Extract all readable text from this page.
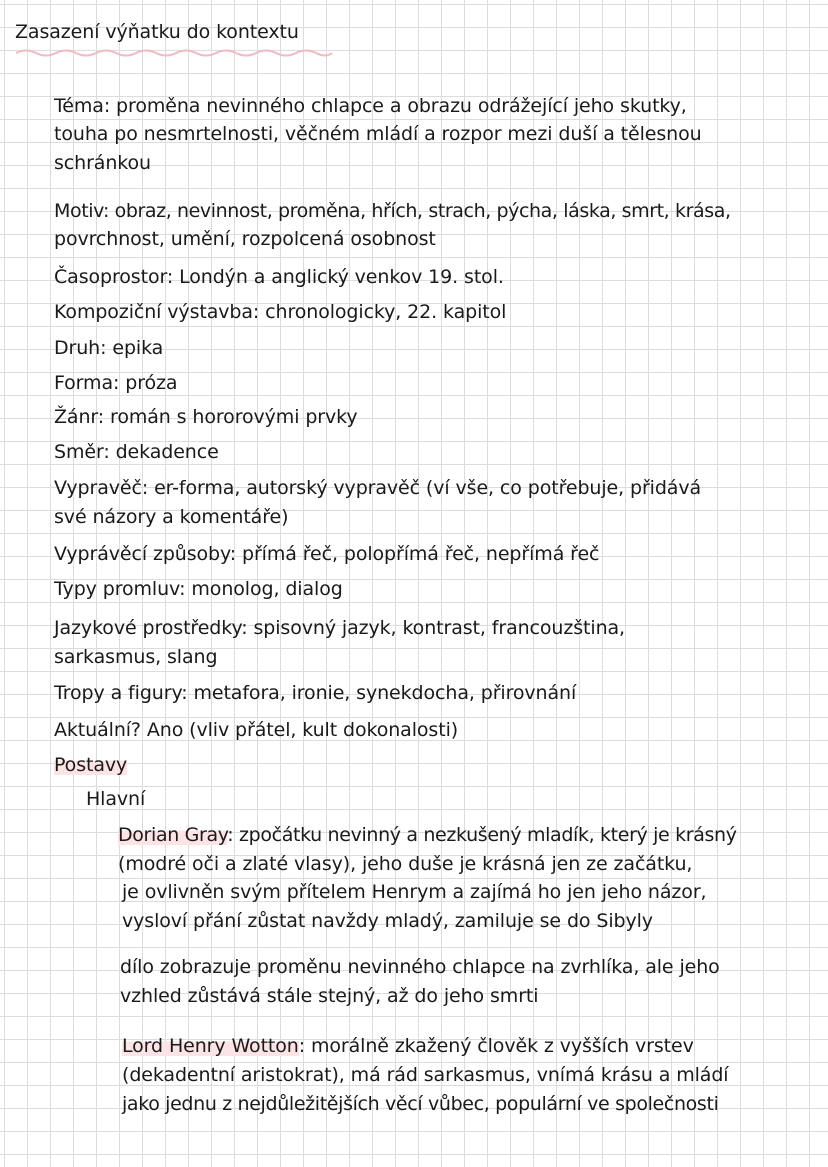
Zasazení výňatku do kontextu
Téma: proměna nevinného chlapce a obrazu odrážející jeho skutky,
touha po nesmrtelnosti, věčném mládí a rozpor mezi duší a tělesnou
schránkou
Motiv: obraz, nevinnost, proměna, hřích, strach, pýcha, láska, smrt, krása,
povrchnost, umění, rozpolcená osobnost
Časoprostor: Londýn a anglický venkov 19. stol.
Kompoziční výstavba: chronologicky, 22. kapitol
Druh: epika
Forma: próza
Žánr: román s hororovými prvky
Směr: dekadence
Vypravěč: er-forma, autorský vypravěč (ví vše, co potřebuje, přidává
své názory a komentáře)
Vyprávěcí způsoby: přímá řeč, polopřímá řeč, nepřímá řeč
Typy promluv: monolog, dialog
Jazykové prostředky: spisovný jazyk, kontrast, francouzština,
sarkasmus, slang
Tropy a figury: metafora, ironie, synekdocha, přirovnání
Aktuální? Ano (vliv přátel, kult dokonalosti)
Postavy
Hlavní
Dorian Gray: zpočátku nevinný a nezkušený mladík, který je krásný
(modré oči a zlaté vlasy), jeho duše je krásná jen ze začátku,
je ovlivněn svým přítelem Henrym a zajímá ho jen jeho názor,
vysloví přání zůstat navždy mladý, zamiluje se do Sibyly
dílo zobrazuje proměnu nevinného chlapce na zvrhlíka, ale jeho
vzhled zůstává stále stejný, až do jeho smrti
Lord Henry Wotton: morálně zkažený člověk z vyšších vrstev
(dekadentní aristokrat), má rád sarkasmus, vnímá krásu a mládí
jako jednu z nejdůležitějších věcí vůbec, populární ve společnosti
